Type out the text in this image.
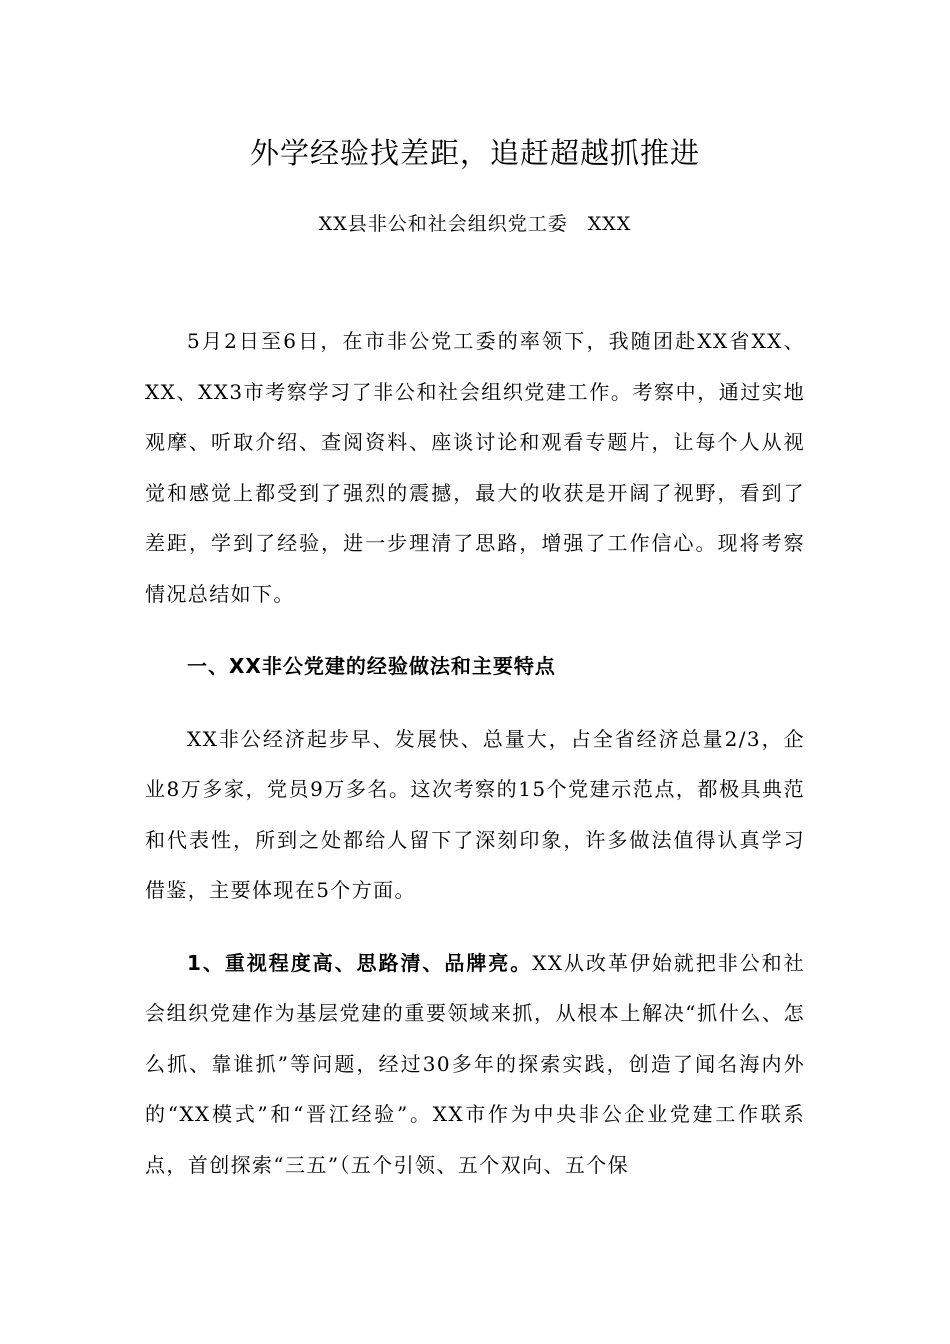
外学经验找差距，追赶超越抓推进

XX县非公和社会组织党工委　XXX

5月2日至6日，在市非公党工委的率领下，我随团赴XX省XX、XX、XX3市考察学习了非公和社会组织党建工作。考察中，通过实地观摩、听取介绍、查阅资料、座谈讨论和观看专题片，让每个人从视觉和感觉上都受到了强烈的震撼，最大的收获是开阔了视野，看到了差距，学到了经验，进一步理清了思路，增强了工作信心。现将考察情况总结如下。

一、XX非公党建的经验做法和主要特点

XX非公经济起步早、发展快、总量大，占全省经济总量2/3，企业8万多家，党员9万多名。这次考察的15个党建示范点，都极具典范和代表性，所到之处都给人留下了深刻印象，许多做法值得认真学习借鉴，主要体现在5个方面。

1、重视程度高、思路清、品牌亮。XX从改革伊始就把非公和社会组织党建作为基层党建的重要领域来抓，从根本上解决“抓什么、怎么抓、靠谁抓”等问题，经过30多年的探索实践，创造了闻名海内外的“XX模式”和“晋江经验”。XX市作为中央非公企业党建工作联系点，首创探索“三五”（五个引领、五个双向、五个保
